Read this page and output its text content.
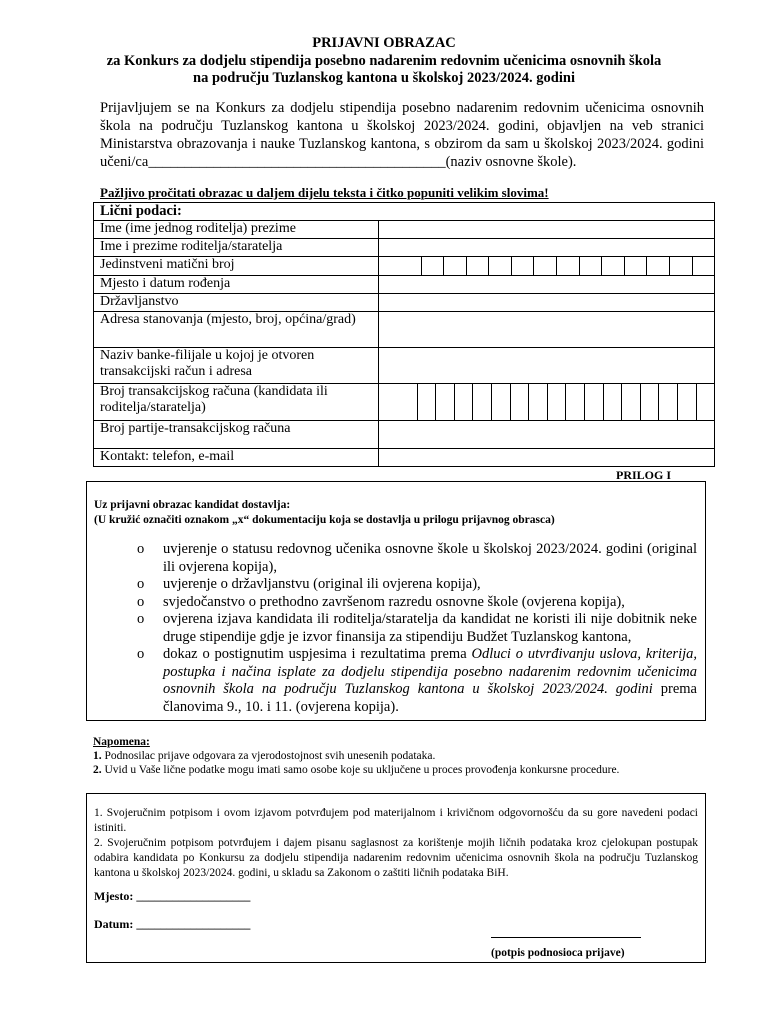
PRIJAVNI OBRAZAC
za Konkurs za dodjelu stipendija posebno nadarenim redovnim učenicima osnovnih škola
na području Tuzlanskog kantona u školskoj 2023/2024. godini
Prijavljujem se na Konkurs za dodjelu stipendija posebno nadarenim redovnim učenicima osnovnih škola na području Tuzlanskog kantona u školskoj 2023/2024. godini, objavljen na veb stranici Ministarstva obrazovanja i nauke Tuzlanskog kantona, s obzirom da sam u školskoj 2023/2024. godini učeni/ca_________________________________________(naziv osnovne škole).
Pažljivo pročitati obrazac u daljem dijelu teksta i čitko popuniti velikim slovima!
Lični podaci:	
Ime (ime jednog roditelja) prezime	
Ime i prezime roditelja/staratelja	
Jedinstveni matični broj	

Mjesto i datum rođenja	
Državljanstvo	
Adresa stanovanja (mjesto, broj, općina/grad)	
Naziv banke-filijale u kojoj je otvoren transakcijski račun i adresa	
Broj transakcijskog računa (kandidata ili roditelja/staratelja)	

Broj partije-transakcijskog računa	
Kontakt: telefon, e-mail	
PRILOG I
Uz prijavni obrazac kandidat dostavlja:
(U kružić označiti oznakom „x“ dokumentaciju koja se dostavlja u prilogu prijavnog obrasca)
o uvjerenje o statusu redovnog učenika osnovne škole u školskoj 2023/2024. godini (original ili ovjerena kopija),
o uvjerenje o državljanstvu (original ili ovjerena kopija),
o svjedočanstvo o prethodno završenom razredu osnovne škole (ovjerena kopija),
o ovjerena izjava kandidata ili roditelja/staratelja da kandidat ne koristi ili nije dobitnik neke druge stipendije gdje je izvor finansija za stipendiju Budžet Tuzlanskog kantona,
o dokaz o postignutim uspjesima i rezultatima prema Odluci o utvrđivanju uslova, kriterija, postupka i načina isplate za dodjelu stipendija posebno nadarenim redovnim učenicima osnovnih škola na području Tuzlanskog kantona u školskoj 2023/2024. godini prema članovima 9., 10. i 11. (ovjerena kopija).
Napomena:
1. Podnosilac prijave odgovara za vjerodostojnost svih unesenih podataka.
2. Uvid u Vaše lične podatke mogu imati samo osobe koje su uključene u proces provođenja konkursne procedure.
1. Svojeručnim potpisom i ovom izjavom potvrđujem pod materijalnom i krivičnom odgovornošću da su gore navedeni podaci istiniti.
2. Svojeručnim potpisom potvrđujem i dajem pisanu saglasnost za korištenje mojih ličnih podataka kroz cjelokupan postupak odabira kandidata po Konkursu za dodjelu stipendija nadarenim redovnim učenicima osnovnih škola na području Tuzlanskog kantona u školskoj 2023/2024. godini, u skladu sa Zakonom o zaštiti ličnih podataka BiH.
Mjesto: ___________________
Datum: ___________________
(potpis podnosioca prijave)
